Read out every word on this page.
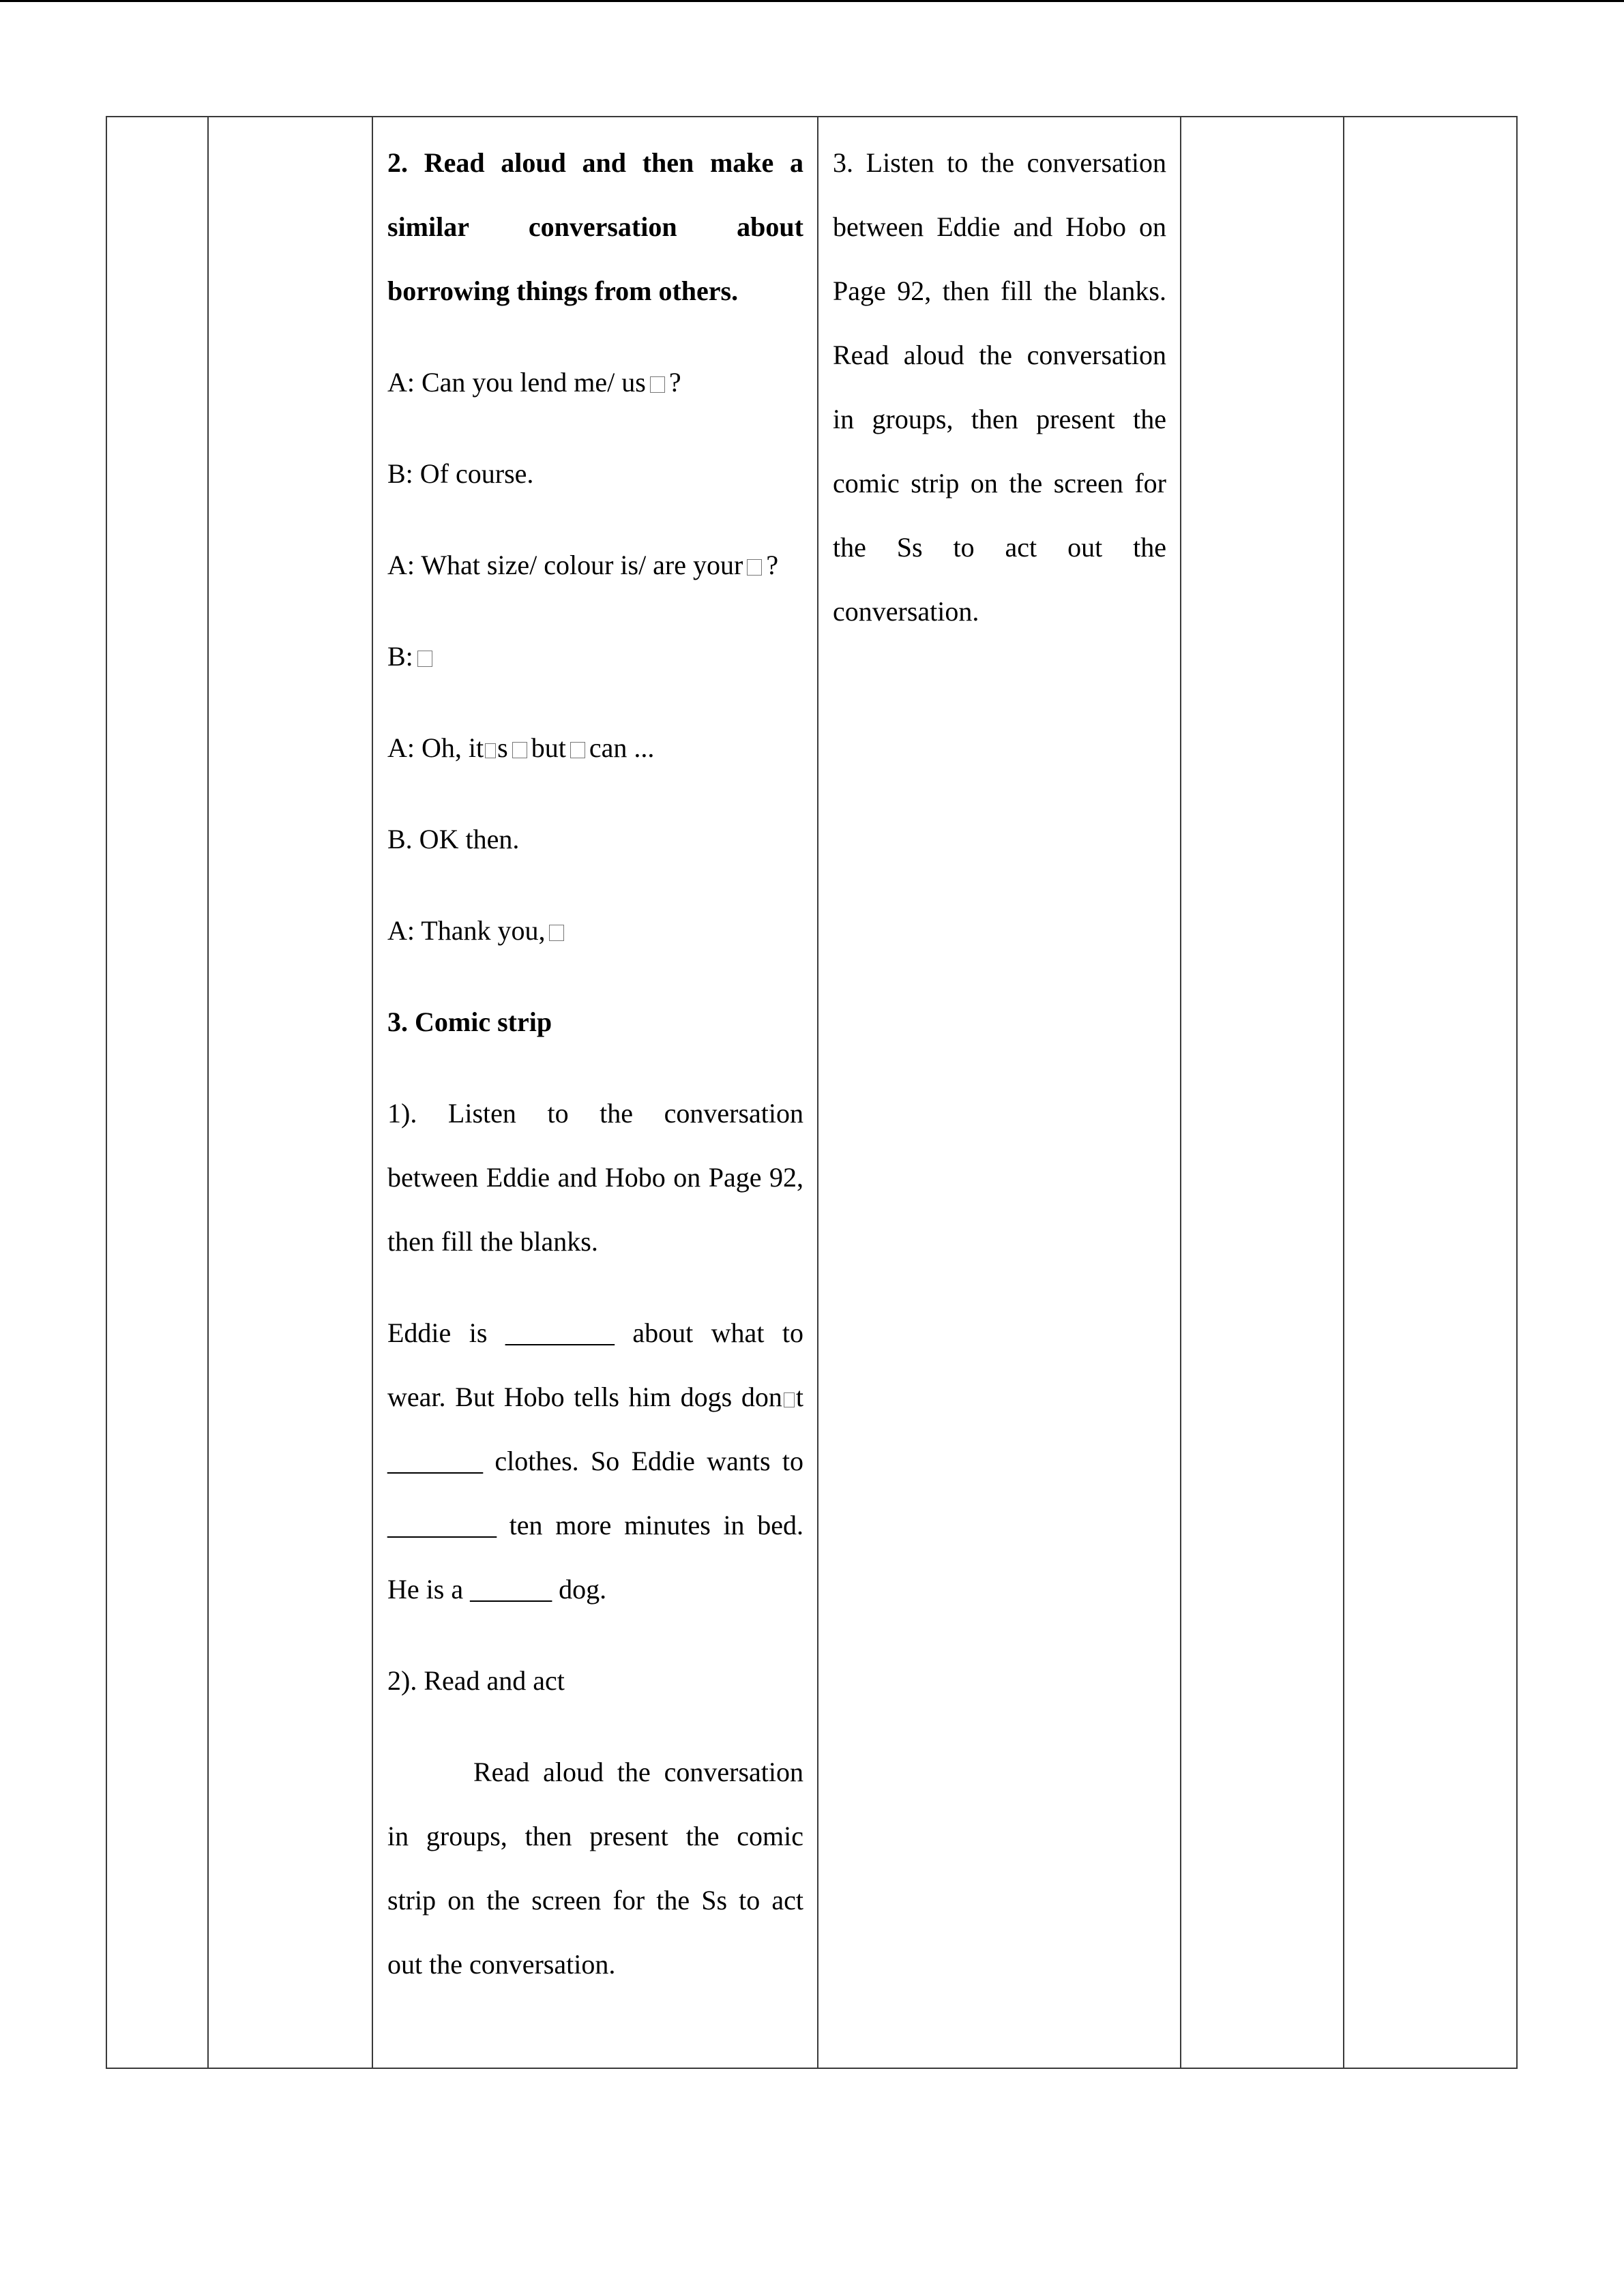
2. Read aloud and then make a similar conversation about borrowing things from others.

A: Can you lend me/ us ?

B: Of course.

A: What size/ colour is/ are your ?

B:

A: Oh, it s but can ...

B. OK then.

A: Thank you,

3. Comic strip

1). Listen to the conversation between Eddie and Hobo on Page 92, then fill the blanks.

Eddie is ________ about what to wear. But Hobo tells him dogs don t _______ clothes. So Eddie wants to ________ ten more minutes in bed. He is a ______ dog.

2). Read and act

Read aloud the conversation in groups, then present the comic strip on the screen for the Ss to act out the conversation.

3. Listen to the conversation between Eddie and Hobo on Page 92, then fill the blanks. Read aloud the conversation in groups, then present the comic strip on the screen for the Ss to act out the conversation.
